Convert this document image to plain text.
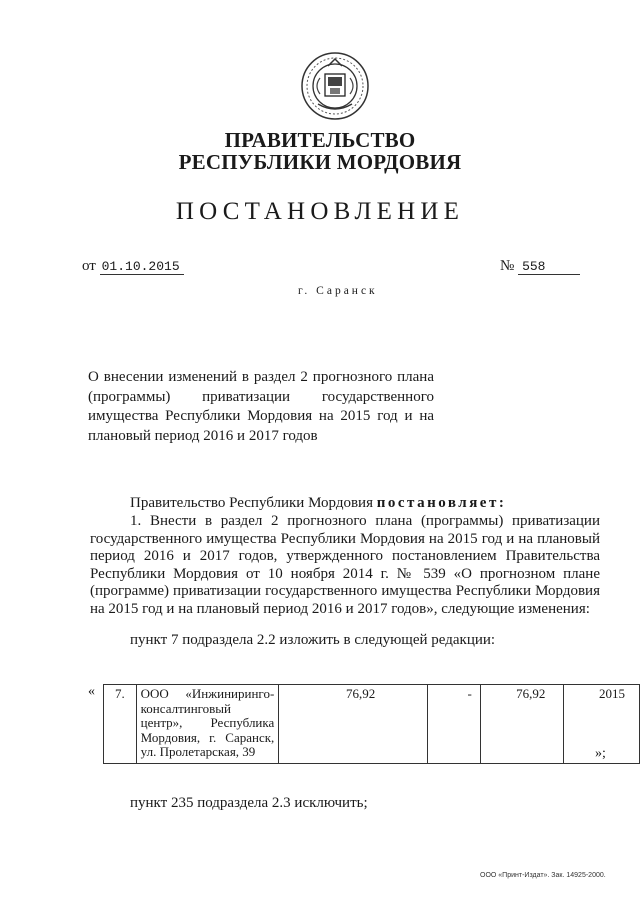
ПРАВИТЕЛЬСТВО
РЕСПУБЛИКИ МОРДОВИЯ
ПОСТАНОВЛЕНИЕ
от 01.10.2015	№ 558
г. Саранск
О внесении изменений в раздел 2 прогнозного плана (программы) приватизации государственного имущества Республики Мордовия на 2015 год и на плановый период 2016 и 2017 годов
Правительство Республики Мордовия постановляет:
1. Внести в раздел 2 прогнозного плана (программы) приватизации государственного имущества Республики Мордовия на 2015 год и на плановый период 2016 и 2017 годов, утвержденного постановлением Правительства Республики Мордовия от 10 ноября 2014 г. № 539 «О прогнозном плане (программе) приватизации государственного имущества Республики Мордовия на 2015 год и на плановый период 2016 и 2017 годов», следующие изменения:
пункт 7 подраздела 2.2 изложить в следующей редакции:
« 7.	ООО «Инжиниринго-консалтинговый центр», Республика Мордовия, г. Саранск, ул. Пролетарская, 39	76,92	-	76,92	2015
»;
пункт 235 подраздела 2.3 исключить;
ООО «Принт-Издат». Зак. 14925-2000.
